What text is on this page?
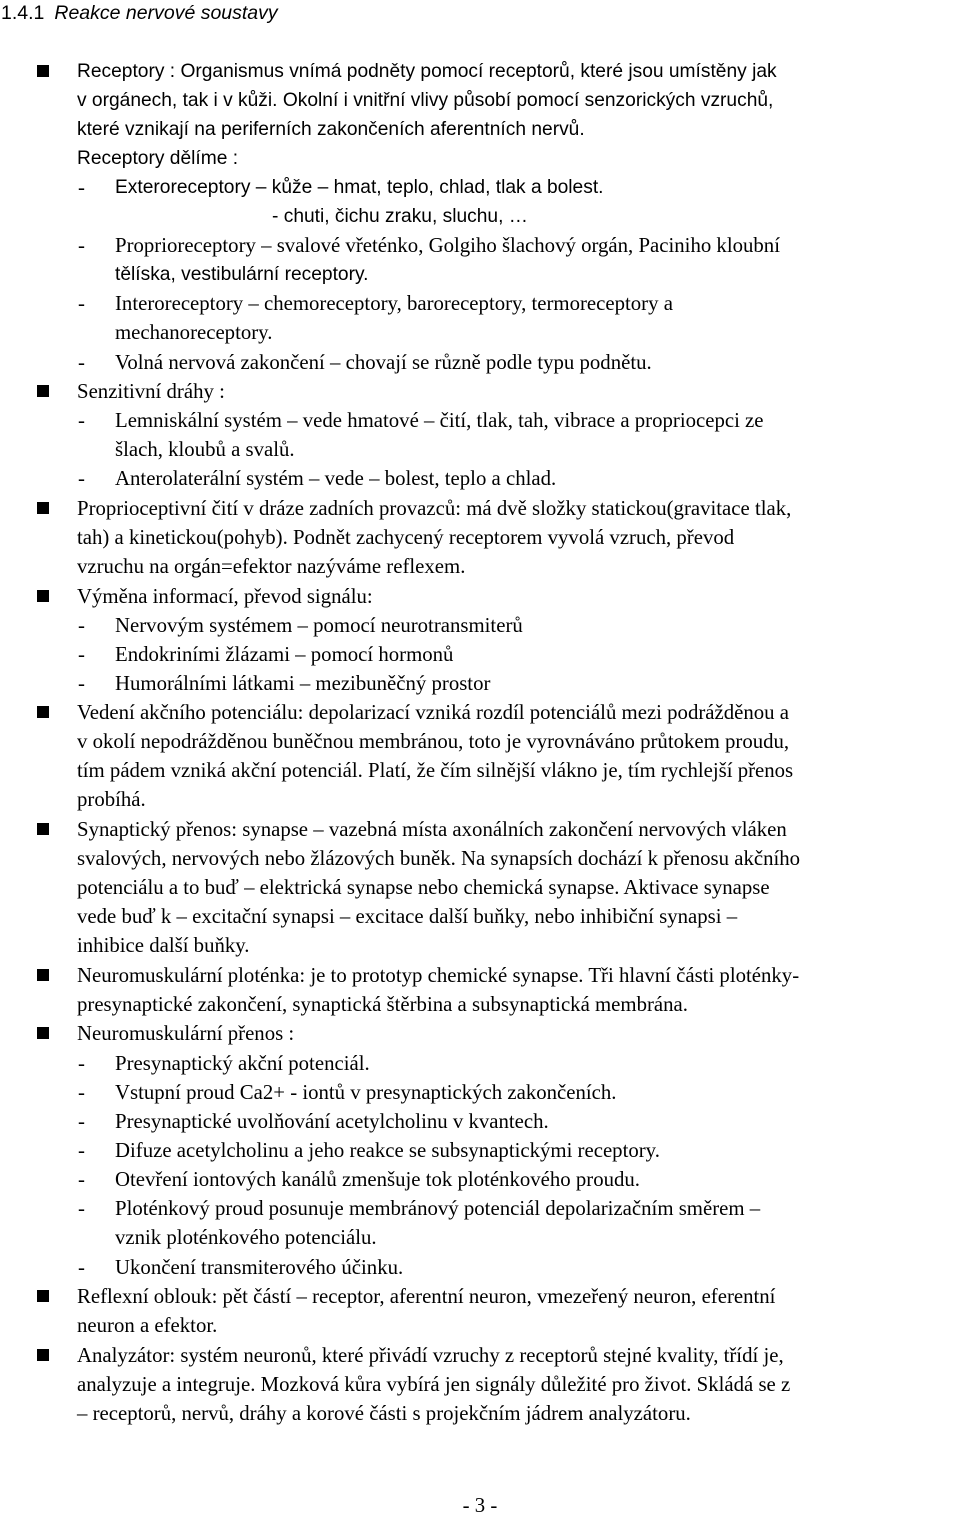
1.4.1 Reakce nervové soustavy
Receptory : Organismus vnímá podněty pomocí receptorů, které jsou umístěny jak
v orgánech, tak i v kůži. Okolní i vnitřní vlivy působí pomocí senzorických vzruchů,
které vznikají na periferních zakončeních aferentních nervů.
Receptory dělíme :
- Exteroreceptory – kůže – hmat, teplo, chlad, tlak a bolest.
- chuti, čichu zraku, sluchu, …
- Proprioreceptory – svalové vřeténko, Golgiho šlachový orgán, Paciniho kloubní
tělíska, vestibulární receptory.
- Interoreceptory – chemoreceptory, baroreceptory, termoreceptory a
mechanoreceptory.
- Volná nervová zakončení – chovají se různě podle typu podnětu.
Senzitivní dráhy :
- Lemniskální systém – vede hmatové – čití, tlak, tah, vibrace a propriocepci ze
šlach, kloubů a svalů.
- Anterolaterální systém – vede – bolest, teplo a chlad.
Proprioceptivní čití v dráze zadních provazců: má dvě složky statickou(gravitace tlak,
tah) a kinetickou(pohyb). Podnět zachycený receptorem vyvolá vzruch, převod
vzruchu na orgán=efektor nazýváme reflexem.
Výměna informací, převod signálu:
- Nervovým systémem – pomocí neurotransmiterů
- Endokriními žlázami – pomocí hormonů
- Humorálními látkami – mezibuněčný prostor
Vedení akčního potenciálu: depolarizací vzniká rozdíl potenciálů mezi podrážděnou a
v okolí nepodrážděnou buněčnou membránou, toto je vyrovnáváno průtokem proudu,
tím pádem vzniká akční potenciál. Platí, že čím silnější vlákno je, tím rychlejší přenos
probíhá.
Synaptický přenos: synapse – vazebná místa axonálních zakončení nervových vláken
svalových, nervových nebo žlázových buněk. Na synapsích dochází k přenosu akčního
potenciálu a to buď – elektrická synapse nebo chemická synapse. Aktivace synapse
vede buď k – excitační synapsi – excitace další buňky, nebo inhibiční synapsi –
inhibice další buňky.
Neuromuskulární ploténka: je to prototyp chemické synapse. Tři hlavní části ploténky-
presynaptické zakončení, synaptická štěrbina a subsynaptická membrána.
Neuromuskulární přenos :
- Presynaptický akční potenciál.
- Vstupní proud Ca2+ - iontů v presynaptických zakončeních.
- Presynaptické uvolňování acetylcholinu v kvantech.
- Difuze acetylcholinu a jeho reakce se subsynaptickými receptory.
- Otevření iontových kanálů zmenšuje tok ploténkového proudu.
- Ploténkový proud posunuje membránový potenciál depolarizačním směrem –
vznik ploténkového potenciálu.
- Ukončení transmiterového účinku.
Reflexní oblouk: pět částí – receptor, aferentní neuron, vmezeřený neuron, eferentní
neuron a efektor.
Analyzátor: systém neuronů, které přivádí vzruchy z receptorů stejné kvality, třídí je,
analyzuje a integruje. Mozková kůra vybírá jen signály důležité pro život. Skládá se z
– receptorů, nervů, dráhy a korové části s projekčním jádrem analyzátoru.
- 3 -
